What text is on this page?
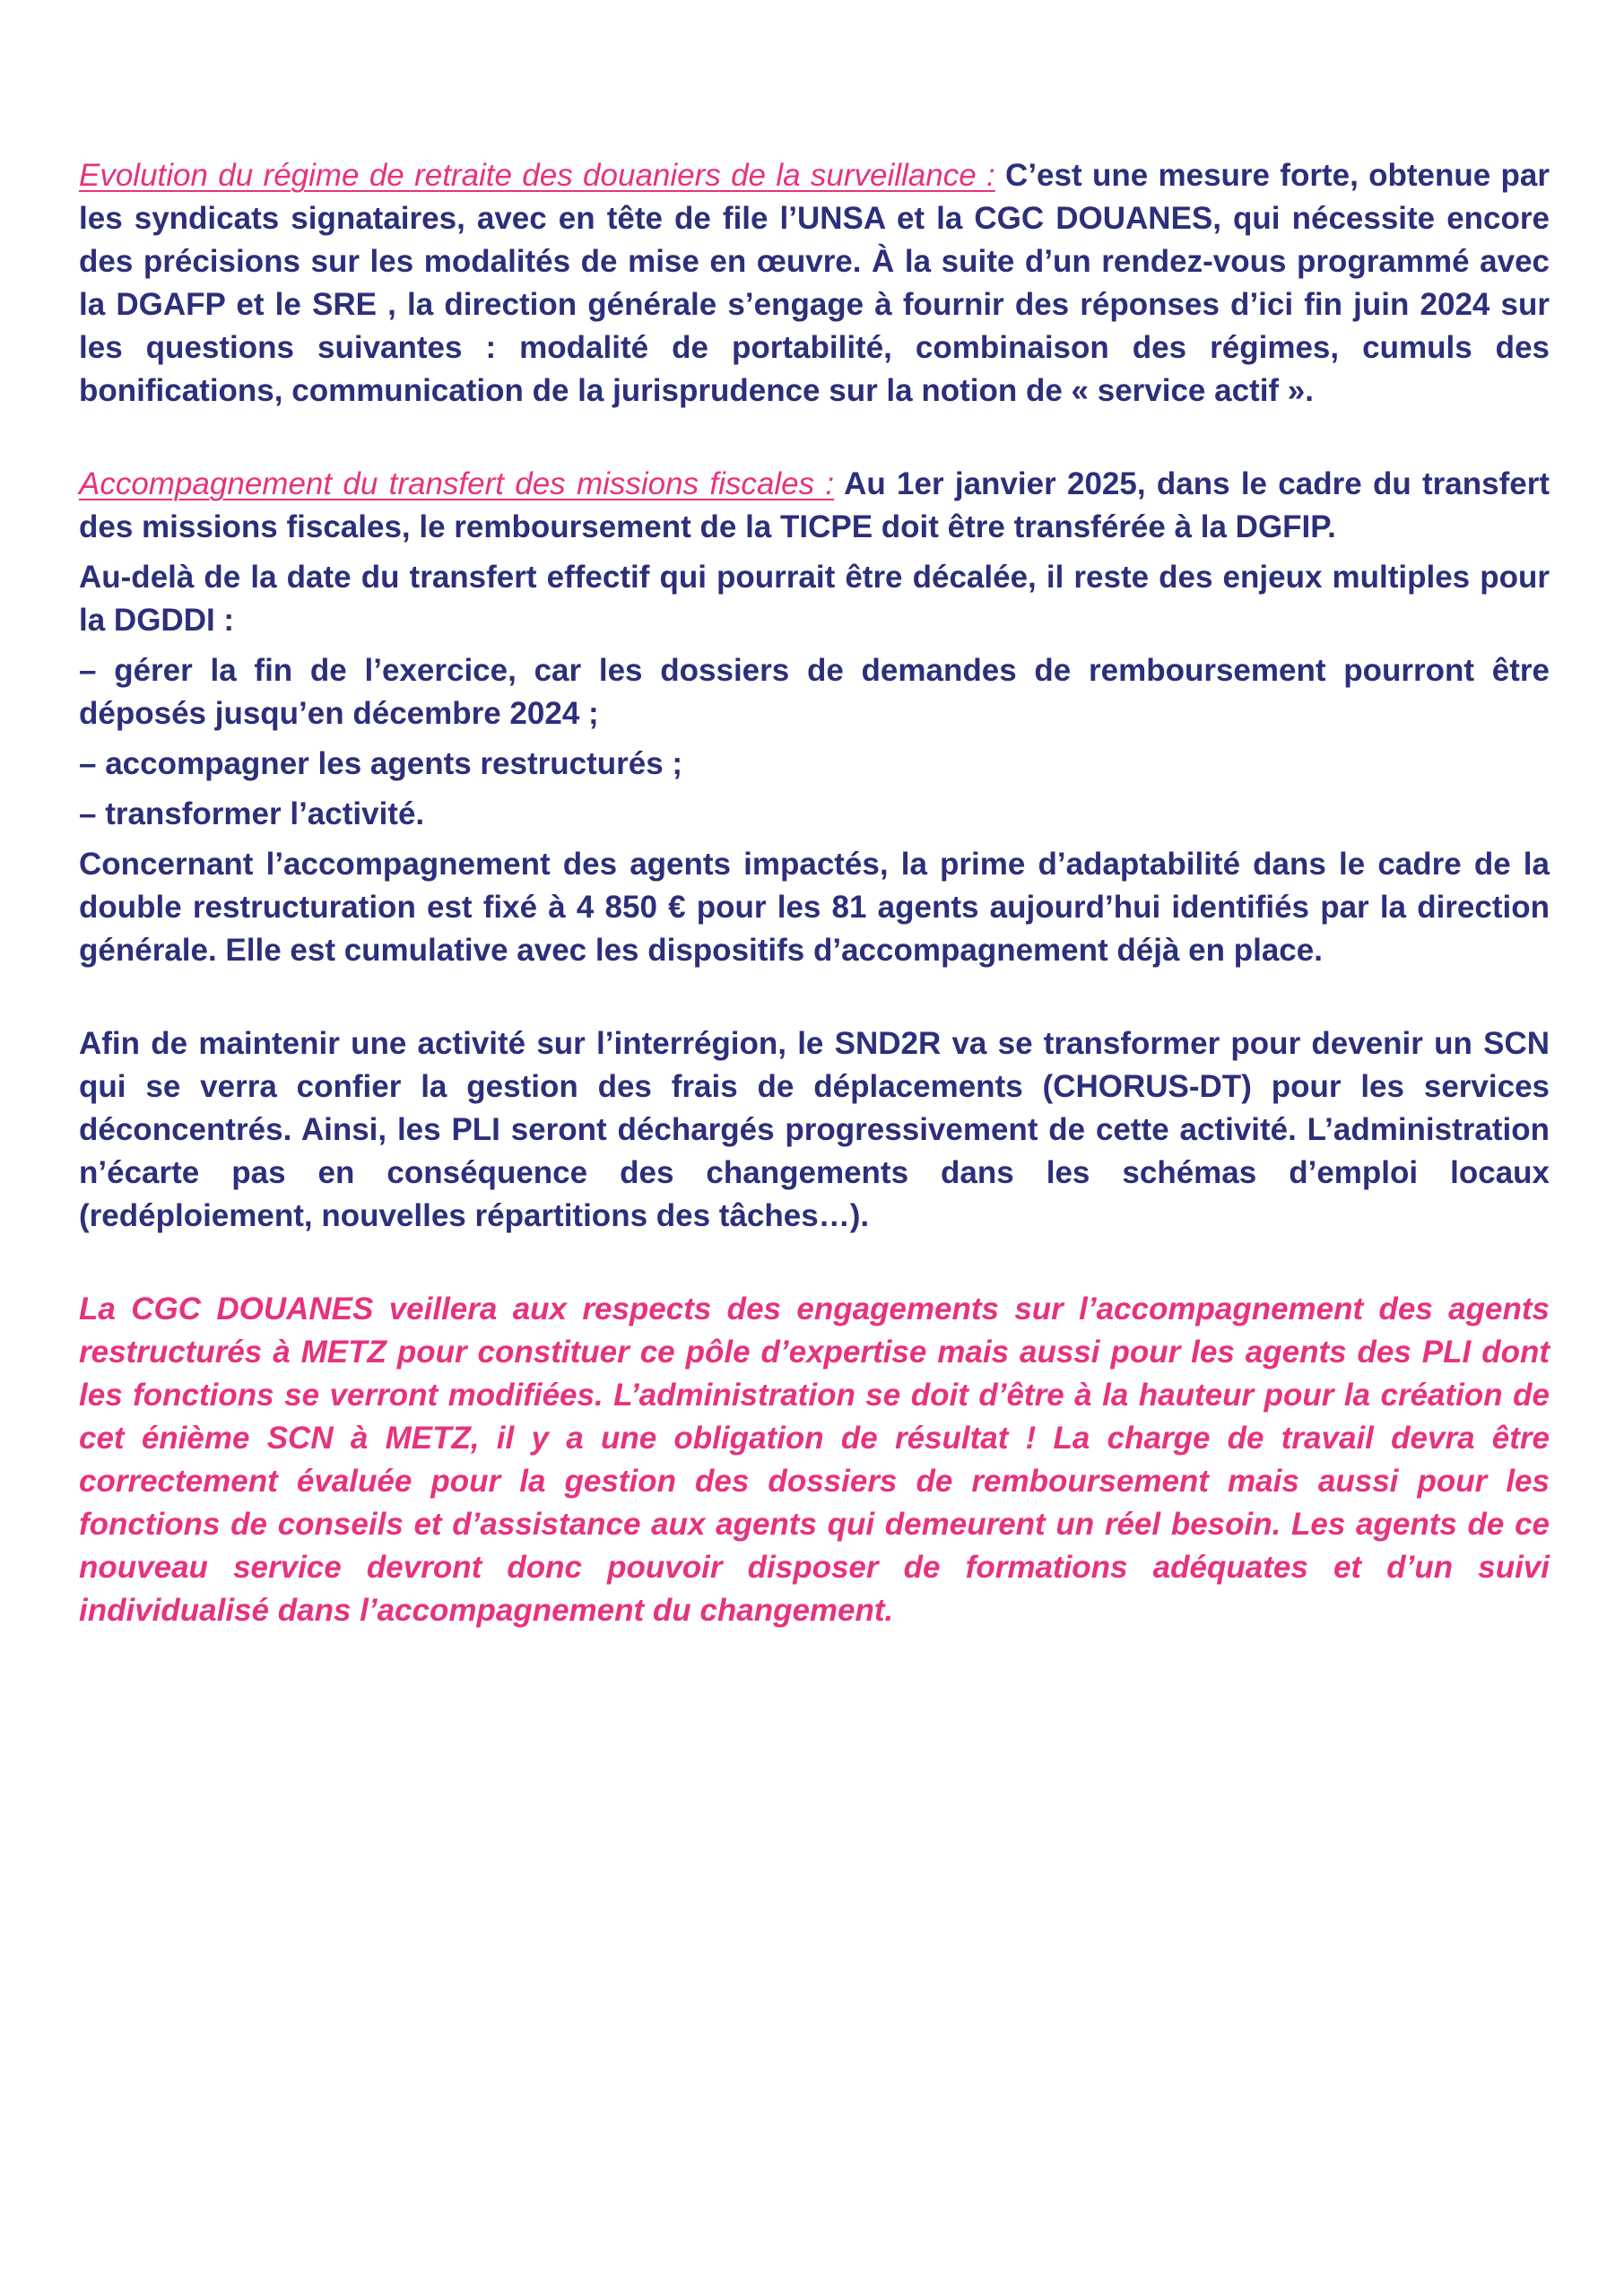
Evolution du régime de retraite des douaniers de la surveillance : C’est une mesure forte, obtenue par les syndicats signataires, avec en tête de file l’UNSA et la CGC DOUANES, qui nécessite encore des précisions sur les modalités de mise en œuvre. À la suite d’un rendez-vous programmé avec la DGAFP et le SRE , la direction générale s’engage à fournir des réponses d’ici fin juin 2024 sur les questions suivantes : modalité de portabilité, combinaison des régimes, cumuls des bonifications, communication de la jurisprudence sur la notion de « service actif ».

Accompagnement du transfert des missions fiscales : Au 1er janvier 2025, dans le cadre du transfert des missions fiscales, le remboursement de la TICPE doit être transférée à la DGFIP.

Au-delà de la date du transfert effectif qui pourrait être décalée, il reste des enjeux multiples pour la DGDDI :

– gérer la fin de l’exercice, car les dossiers de demandes de remboursement pourront être déposés jusqu’en décembre 2024 ;

– accompagner les agents restructurés ;

– transformer l’activité.

Concernant l’accompagnement des agents impactés, la prime d’adaptabilité dans le cadre de la double restructuration est fixé à 4 850 € pour les 81 agents aujourd’hui identifiés par la direction générale. Elle est cumulative avec les dispositifs d’accompagnement déjà en place.

Afin de maintenir une activité sur l’interrégion, le SND2R va se transformer pour devenir un SCN qui se verra confier la gestion des frais de déplacements (CHORUS-DT) pour les services déconcentrés. Ainsi, les PLI seront déchargés progressivement de cette activité. L’administration n’écarte pas en conséquence des changements dans les schémas d’emploi locaux (redéploiement, nouvelles répartitions des tâches…).

La CGC DOUANES veillera aux respects des engagements sur l’accompagnement des agents restructurés à METZ pour constituer ce pôle d’expertise mais aussi pour les agents des PLI dont les fonctions se verront modifiées. L’administration se doit d’être à la hauteur pour la création de cet énième SCN à METZ, il y a une obligation de résultat ! La charge de travail devra être correctement évaluée pour la gestion des dossiers de remboursement mais aussi pour les fonctions de conseils et d’assistance aux agents qui demeurent un réel besoin. Les agents de ce nouveau service devront donc pouvoir disposer de formations adéquates et d’un suivi individualisé dans l’accompagnement du changement.
